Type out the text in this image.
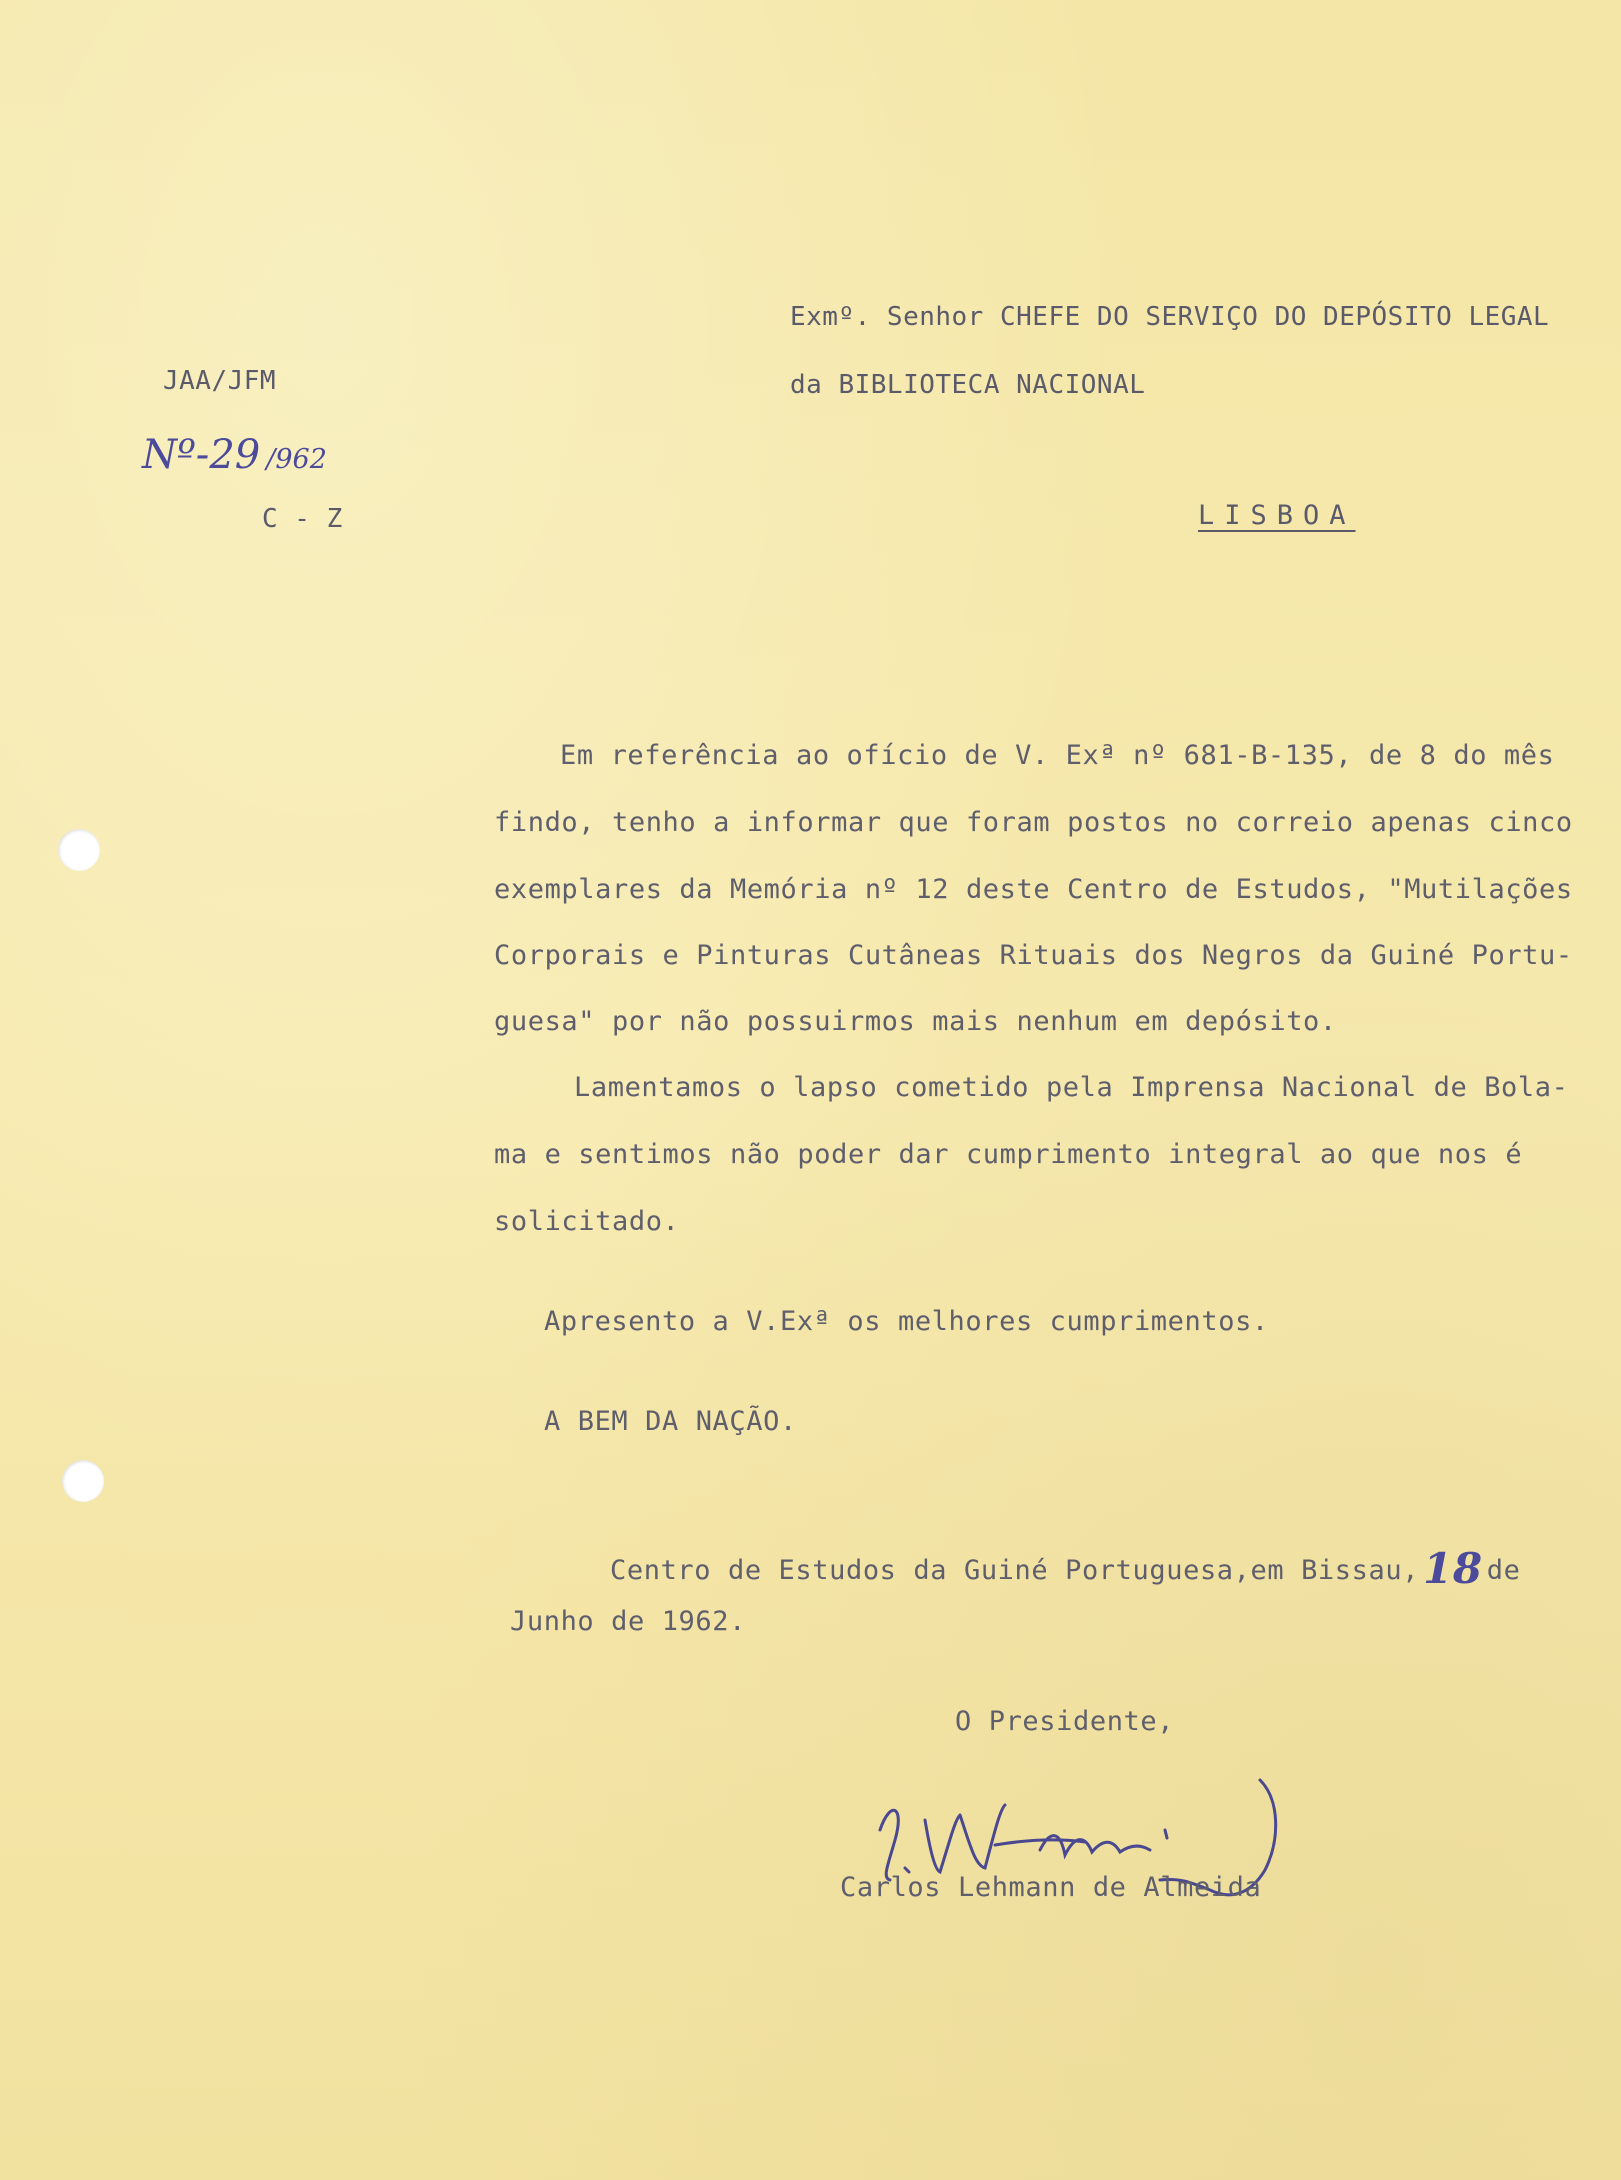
JAA/JFM

Nº-29 /962

C - Z

Exmº. Senhor CHEFE DO SERVIÇO DO DEPÓSITO LEGAL

da BIBLIOTECA NACIONAL

LISBOA

Em referência ao ofício de V. Exª nº 681-B-135, de 8 do mês

findo, tenho a informar que foram postos no correio apenas cinco

exemplares da Memória nº 12 deste Centro de Estudos, "Mutilações

Corporais e Pinturas Cutâneas Rituais dos Negros da Guiné Portu-

guesa" por não possuirmos mais nenhum em depósito.

Lamentamos o lapso cometido pela Imprensa Nacional de Bola-

ma e sentimos não poder dar cumprimento integral ao que nos é

solicitado.

Apresento a V.Exª os melhores cumprimentos.

A BEM DA NAÇÃO.

Centro de Estudos da Guiné Portuguesa,em Bissau,18 de

Junho de 1962.

O Presidente,

Carlos Lehmann de Almeida
